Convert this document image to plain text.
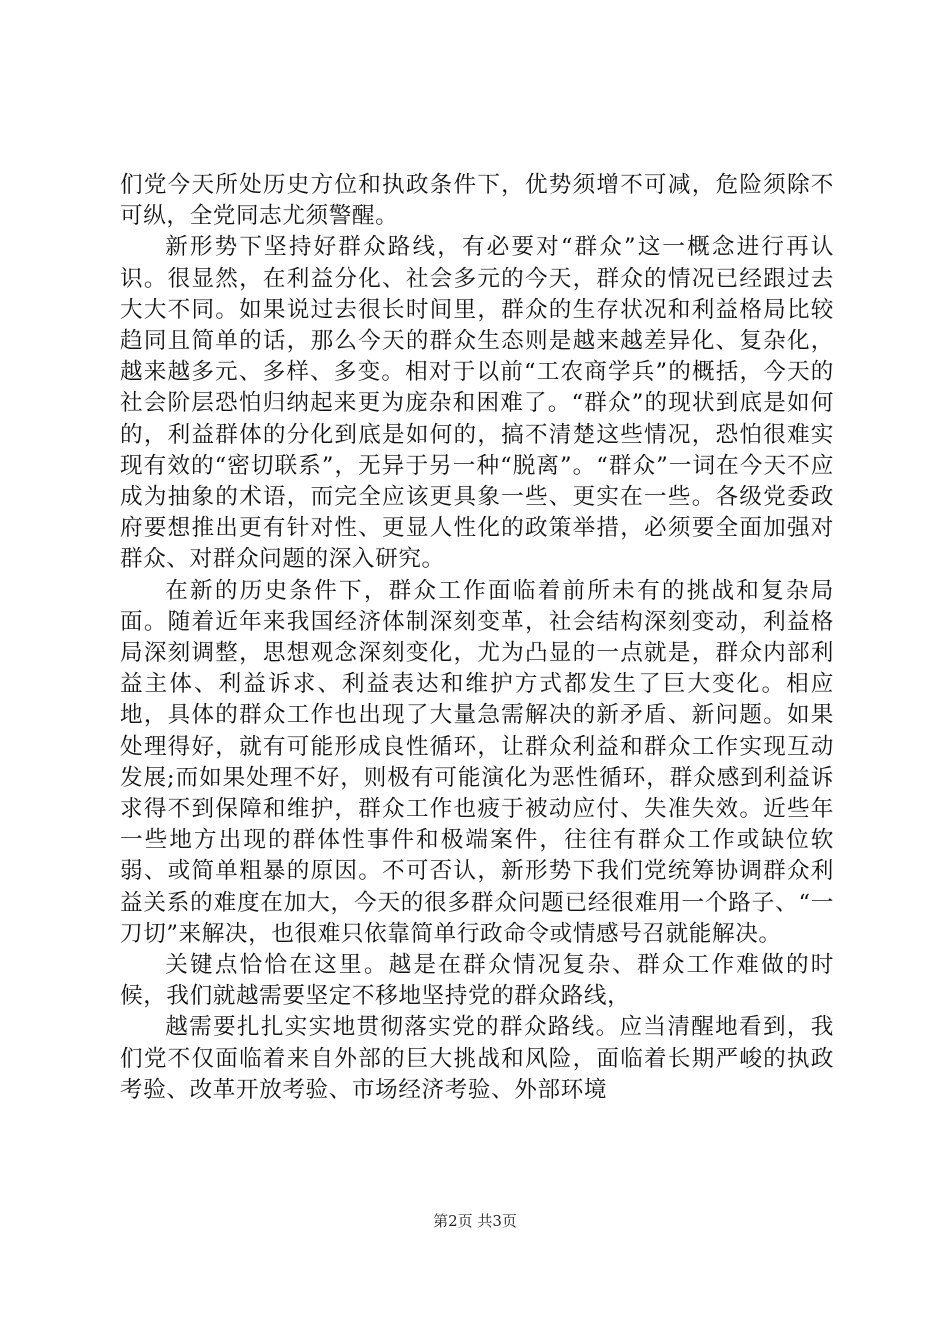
们党今天所处历史方位和执政条件下，优势须增不可减，危险须除不可纵，全党同志尤须警醒。

新形势下坚持好群众路线，有必要对“群众”这一概念进行再认识。很显然，在利益分化、社会多元的今天，群众的情况已经跟过去大大不同。如果说过去很长时间里，群众的生存状况和利益格局比较趋同且简单的话，那么今天的群众生态则是越来越差异化、复杂化，越来越多元、多样、多变。相对于以前“工农商学兵”的概括，今天的社会阶层恐怕归纳起来更为庞杂和困难了。“群众”的现状到底是如何的，利益群体的分化到底是如何的，搞不清楚这些情况，恐怕很难实现有效的“密切联系”，无异于另一种“脱离”。“群众”一词在今天不应成为抽象的术语，而完全应该更具象一些、更实在一些。各级党委政府要想推出更有针对性、更显人性化的政策举措，必须要全面加强对群众、对群众问题的深入研究。

在新的历史条件下，群众工作面临着前所未有的挑战和复杂局面。随着近年来我国经济体制深刻变革，社会结构深刻变动，利益格局深刻调整，思想观念深刻变化，尤为凸显的一点就是，群众内部利益主体、利益诉求、利益表达和维护方式都发生了巨大变化。相应地，具体的群众工作也出现了大量急需解决的新矛盾、新问题。如果处理得好，就有可能形成良性循环，让群众利益和群众工作实现互动发展;而如果处理不好，则极有可能演化为恶性循环，群众感到利益诉求得不到保障和维护，群众工作也疲于被动应付、失准失效。近些年一些地方出现的群体性事件和极端案件，往往有群众工作或缺位软弱、或简单粗暴的原因。不可否认，新形势下我们党统筹协调群众利益关系的难度在加大，今天的很多群众问题已经很难用一个路子、“一刀切”来解决，也很难只依靠简单行政命令或情感号召就能解决。

关键点恰恰在这里。越是在群众情况复杂、群众工作难做的时候，我们就越需要坚定不移地坚持党的群众路线，

越需要扎扎实实地贯彻落实党的群众路线。应当清醒地看到，我们党不仅面临着来自外部的巨大挑战和风险，面临着长期严峻的执政考验、改革开放考验、市场经济考验、外部环境

第2页 共3页
